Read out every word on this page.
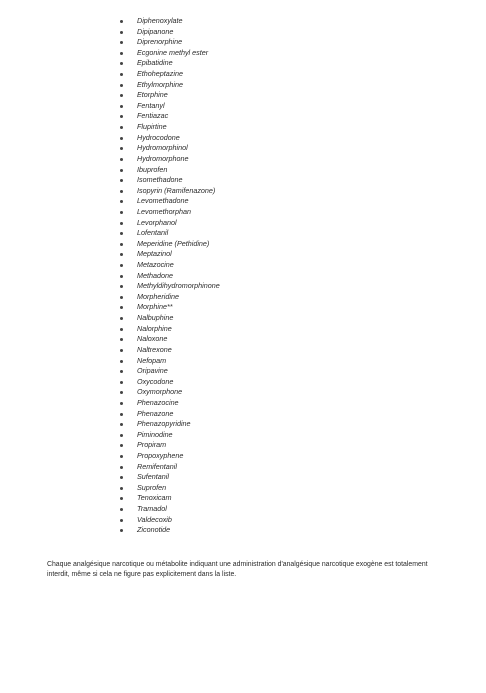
Diphenoxylate
Dipipanone
Diprenorphine
Ecgonine methyl ester
Epibatidine
Ethoheptazine
Ethylmorphine
Etorphine
Fentanyl
Fentiazac
Flupirtine
Hydrocodone
Hydromorphinol
Hydromorphone
Ibuprofen
Isomethadone
Isopyrin (Ramifenazone)
Levomethadone
Levomethorphan
Levorphanol
Lofentanil
Meperidine (Pethidine)
Meptazinol
Metazocine
Methadone
Methyldihydromorphinone
Morpheridine
Morphine**
Nalbuphine
Nalorphine
Naloxone
Naltrexone
Nefopam
Oripavine
Oxycodone
Oxymorphone
Phenazocine
Phenazone
Phenazopyridine
Piminodine
Propiram
Propoxyphene
Remifentanil
Sufentanil
Suprofen
Tenoxicam
Tramadol
Valdecoxib
Ziconotide

Chaque analgésique narcotique ou métabolite indiquant une administration d'analgésique narcotique exogène est totalement interdit, même si cela ne figure pas explicitement dans la liste.
